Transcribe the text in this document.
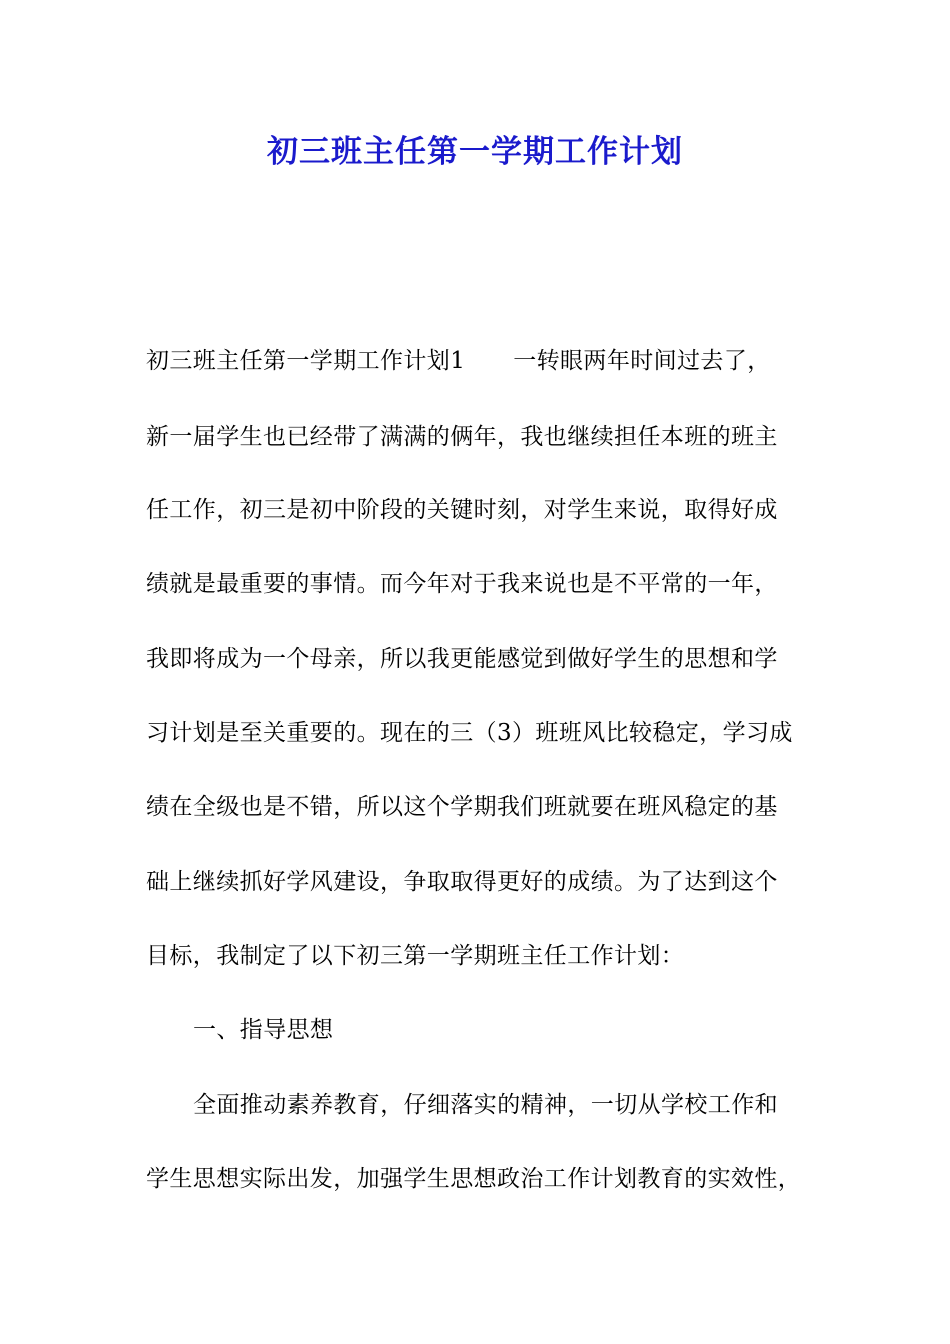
初三班主任第一学期工作计划
初三班主任第一学期工作计划1 一转眼两年时间过去了，
新一届学生也已经带了满满的俩年，我也继续担任本班的班主
任工作，初三是初中阶段的关键时刻，对学生来说，取得好成
绩就是最重要的事情。而今年对于我来说也是不平常的一年，
我即将成为一个母亲，所以我更能感觉到做好学生的思想和学
习计划是至关重要的。现在的三（3）班班风比较稳定，学习成
绩在全级也是不错，所以这个学期我们班就要在班风稳定的基
础上继续抓好学风建设，争取取得更好的成绩。为了达到这个
目标，我制定了以下初三第一学期班主任工作计划：
一、指导思想
全面推动素养教育，仔细落实的精神，一切从学校工作和
学生思想实际出发，加强学生思想政治工作计划教育的实效性，
